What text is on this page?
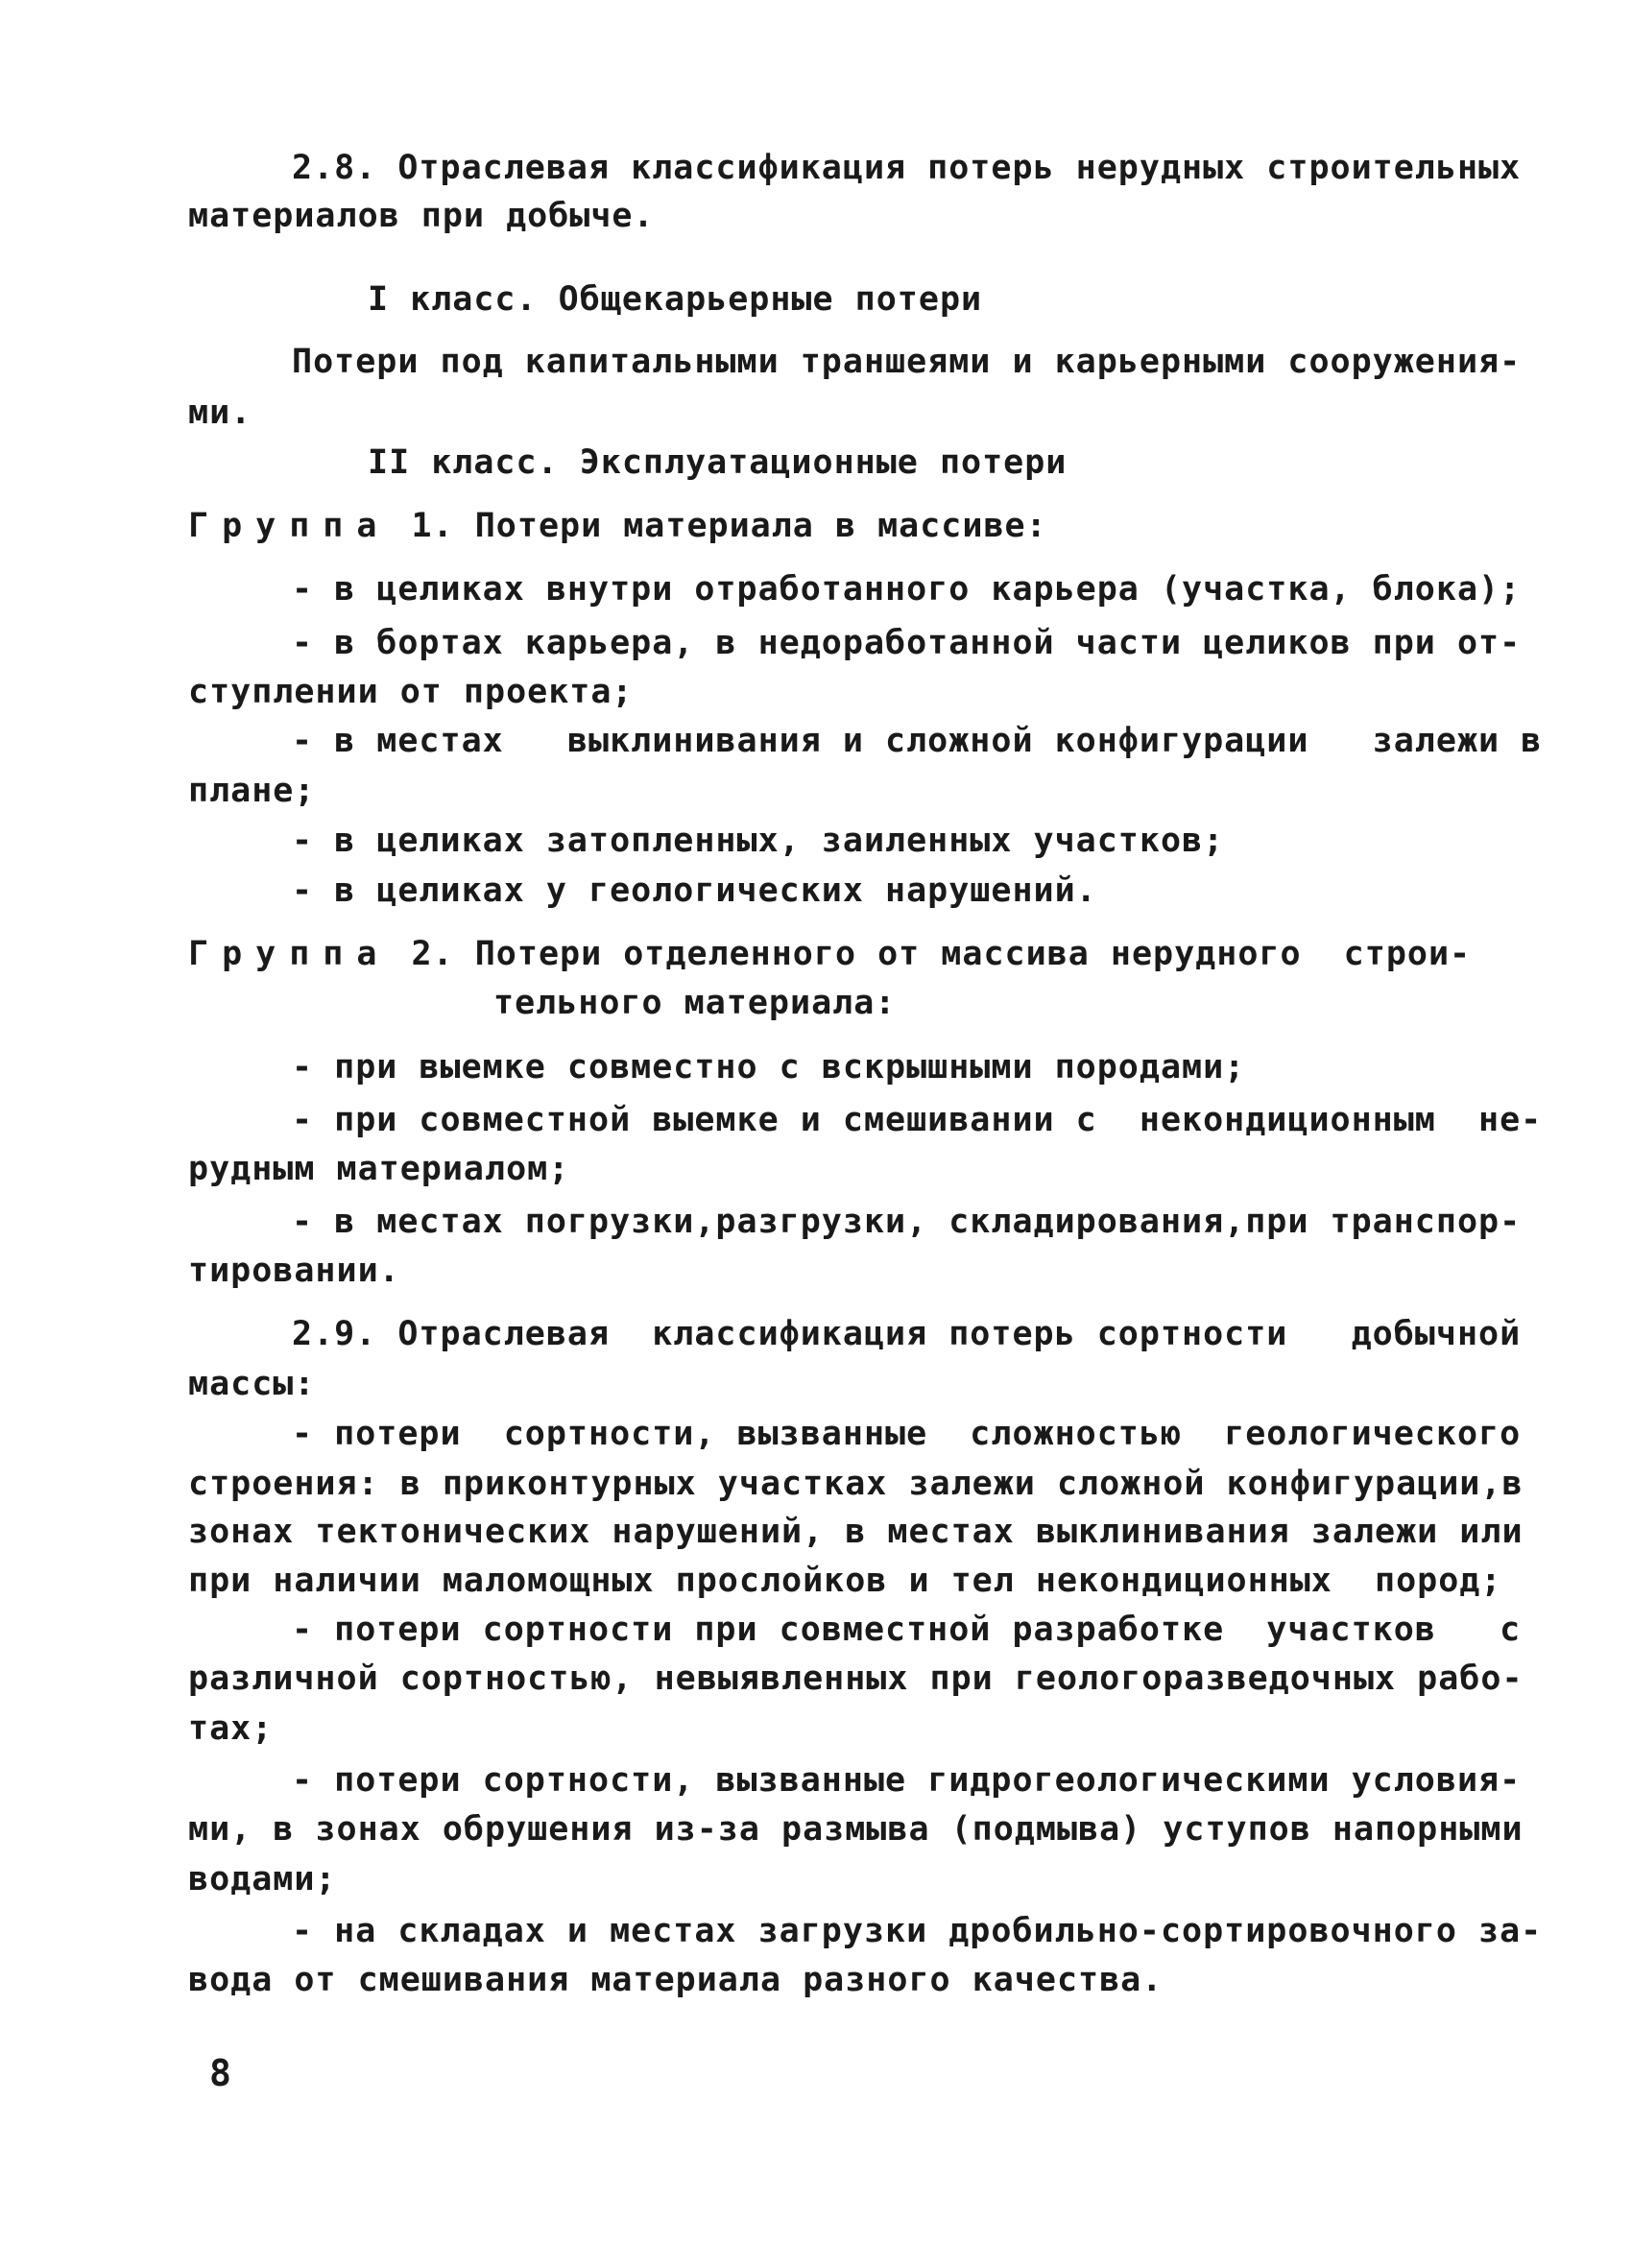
2.8. Отраслевая классификация потерь нерудных строительных
материалов при добыче.
I класс. Общекарьерные потери
Потери под капитальными траншеями и карьерными сооружения-
ми.
II класс. Эксплуатационные потери
Группа 1. Потери материала в массиве:
- в целиках внутри отработанного карьера (участка, блока);
- в бортах карьера, в недоработанной части целиков при от-
ступлении от проекта;
- в местах   выклинивания и сложной конфигурации   залежи в
плане;
- в целиках затопленных, заиленных участков;
- в целиках у геологических нарушений.
Группа 2. Потери отделенного от массива нерудного  строи-
тельного материала:
- при выемке совместно с вскрышными породами;
- при совместной выемке и смешивании с  некондиционным  не-
рудным материалом;
- в местах погрузки,разгрузки, складирования,при транспор-
тировании.
2.9. Отраслевая  классификация потерь сортности   добычной
массы:
- потери  сортности, вызванные  сложностью  геологического
строения: в приконтурных участках залежи сложной конфигурации,в
зонах тектонических нарушений, в местах выклинивания залежи или
при наличии маломощных прослойков и тел некондиционных  пород;
- потери сортности при совместной разработке  участков   с
различной сортностью, невыявленных при геологоразведочных рабо-
тах;
- потери сортности, вызванные гидрогеологическими условия-
ми, в зонах обрушения из-за размыва (подмыва) уступов напорными
водами;
- на складах и местах загрузки дробильно-сортировочного за-
вода от смешивания материала разного качества.
8
